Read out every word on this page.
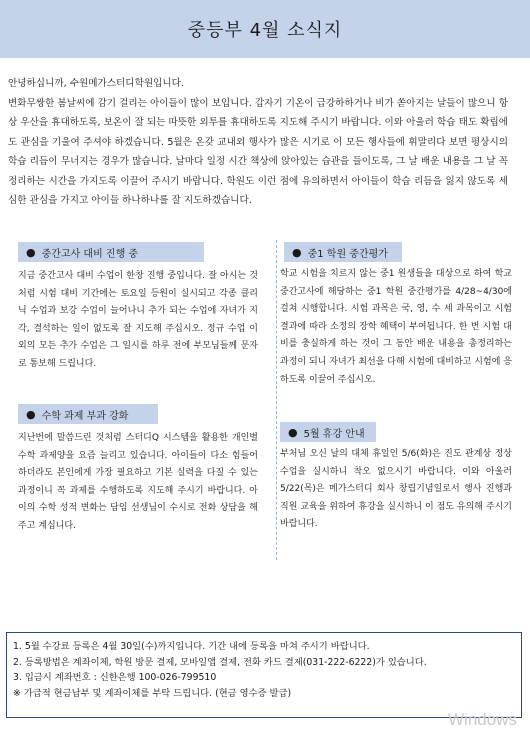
중등부 4월 소식지

안녕하십니까, 수원메가스터디학원입니다.

변화무쌍한 봄날씨에 감기 걸리는 아이들이 많이 보입니다. 갑자기 기온이 급강하하거나 비가 쏟아지는 날들이 많으니 항상 우산을 휴대하도록, 보온이 잘 되는 따뜻한 외투를 휴대하도록 지도해 주시기 바랍니다. 이와 아울러 학습 태도 확립에도 관심을 기울여 주셔야 하겠습니다. 5월은 온갖 교내외 행사가 많은 시기로 이 모든 행사들에 휘말리다 보면 평상시의 학습 리듬이 무너지는 경우가 많습니다. 날마다 일정 시간 책상에 앉아있는 습관을 들이도록, 그 날 배운 내용을 그 날 꼭 정리하는 시간을 가지도록 이끌어 주시기 바랍니다. 학원도 이런 점에 유의하면서 아이들이 학습 리듬을 잃지 않도록 세심한 관심을 가지고 아이들 하나하나를 잘 지도하겠습니다.

● 중간고사 대비 진행 중
지금 중간고사 대비 수업이 한창 진행 중입니다. 잘 아시는 것처럼 시험 대비 기간에는 토요일 등원이 실시되고 각종 클리닉 수업과 보강 수업이 늘어나니 추가 되는 수업에 자녀가 지각, 결석하는 일이 없도록 잘 지도해 주십시오. 정규 수업 이외의 모든 추가 수업은 그 일시를 하루 전에 부모님들께 문자로 통보해 드립니다.
● 수학 과제 부과 강화
지난번에 말씀드린 것처럼 스터디Q 시스템을 활용한 개인별 수학 과제양을 요즘 늘리고 있습니다. 아이들이 다소 힘들어 하더라도 본인에게 가장 필요하고 기본 실력을 다질 수 있는 과정이니 꼭 과제를 수행하도록 지도해 주시기 바랍니다. 아이의 수학 성적 변화는 담임 선생님이 수시로 전화 상담을 해 주고 계십니다.
● 중1 학원 중간평가
학교 시험을 치르지 않는 중1 원생들을 대상으로 하여 학교 중간고사에 해당하는 중1 학원 중간평가를 4/28~4/30에 걸쳐 시행합니다. 시험 과목은 국, 영, 수 세 과목이고 시험 결과에 따라 소정의 장학 혜택이 부여됩니다. 한 번 시험 대비를 충실하게 하는 것이 그 동안 배운 내용을 총정리하는 과정이 되니 자녀가 최선을 다해 시험에 대비하고 시험에 응하도록 이끌어 주십시오.
● 5월 휴강 안내
부처님 오신 날의 대체 휴일인 5/6(화)은 진도 관계상 정상 수업을 실시하니 착오 없으시기 바랍니다. 이와 아울러 5/22(목)은 메가스터디 회사 창립기념일로서 행사 진행과 직원 교육을 위하여 휴강을 실시하니 이 점도 유의해 주시기 바랍니다.
1. 5월 수강료 등록은 4월 30일(수)까지입니다. 기간 내에 등록을 마쳐 주시기 바랍니다.
2. 등록방법은 계좌이체, 학원 방문 결제, 모바일앱 결제, 전화 카드 결제(031-222-6222)가 있습니다.
3. 입금시 계좌번호 : 신한은행 100-026-799510
※ 가급적 현금납부 및 계좌이체를 부탁 드립니다. (현금 영수증 발급)
Windows
